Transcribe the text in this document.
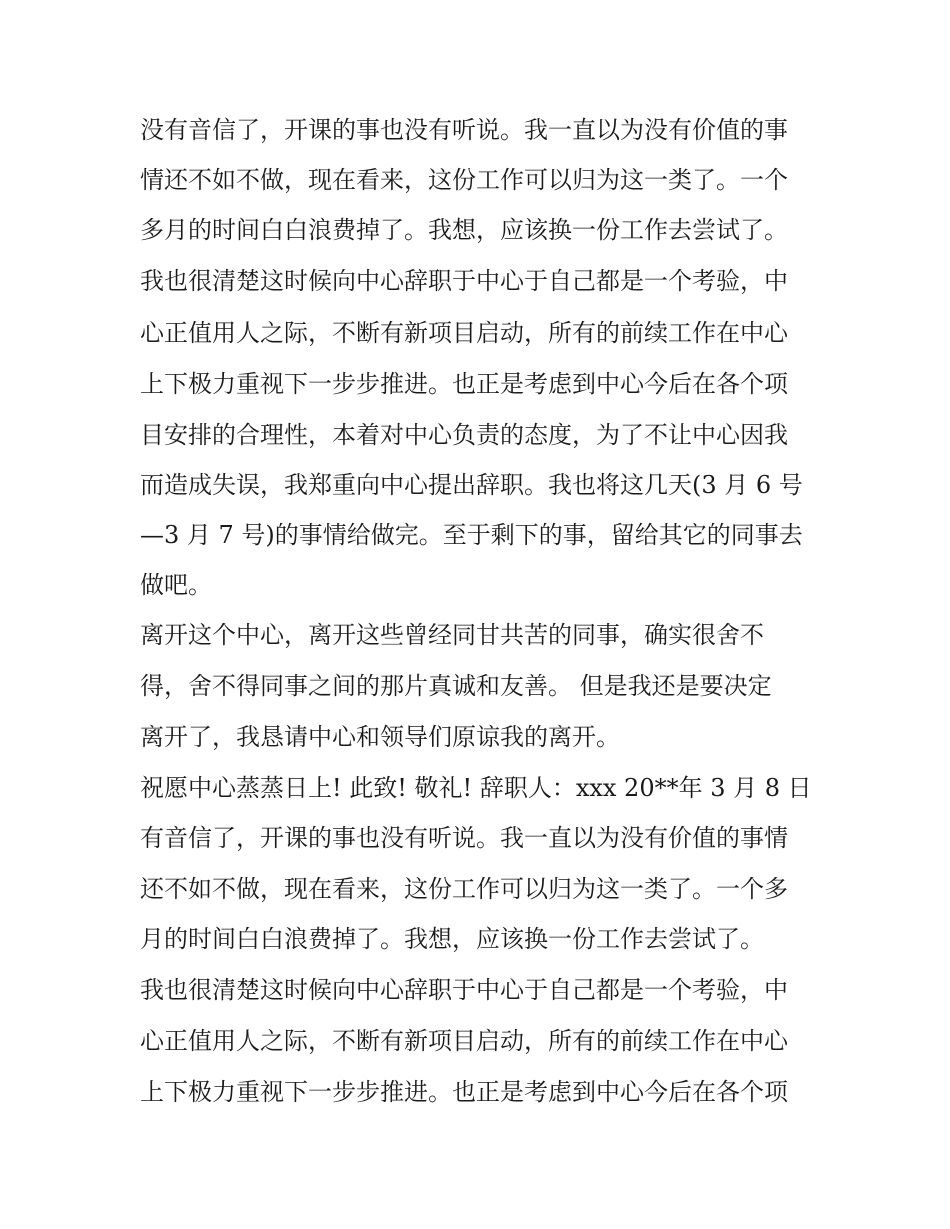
没有音信了，开课的事也没有听说。我一直以为没有价值的事
情还不如不做，现在看来，这份工作可以归为这一类了。一个
多月的时间白白浪费掉了。我想，应该换一份工作去尝试了。
我也很清楚这时候向中心辞职于中心于自己都是一个考验，中
心正值用人之际，不断有新项目启动，所有的前续工作在中心
上下极力重视下一步步推进。也正是考虑到中心今后在各个项
目安排的合理性，本着对中心负责的态度，为了不让中心因我
而造成失误，我郑重向中心提出辞职。我也将这几天(3 月 6 号
—3 月 7 号)的事情给做完。至于剩下的事，留给其它的同事去
做吧。
离开这个中心，离开这些曾经同甘共苦的同事，确实很舍不
得，舍不得同事之间的那片真诚和友善。 但是我还是要决定
离开了，我恳请中心和领导们原谅我的离开。
祝愿中心蒸蒸日上! 此致! 敬礼! 辞职人：xxx 20**年 3 月 8 日
有音信了，开课的事也没有听说。我一直以为没有价值的事情
还不如不做，现在看来，这份工作可以归为这一类了。一个多
月的时间白白浪费掉了。我想，应该换一份工作去尝试了。
我也很清楚这时候向中心辞职于中心于自己都是一个考验，中
心正值用人之际，不断有新项目启动，所有的前续工作在中心
上下极力重视下一步步推进。也正是考虑到中心今后在各个项
